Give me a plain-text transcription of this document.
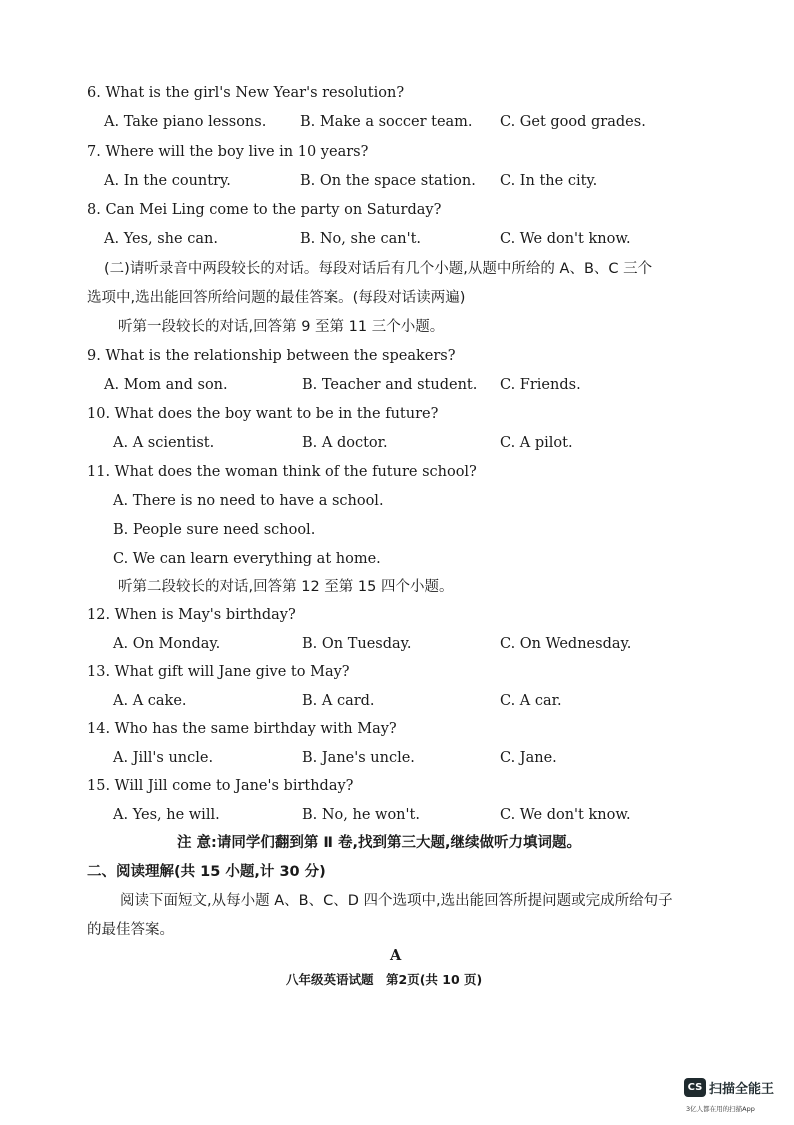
6. What is the girl's New Year's resolution?
A. Take piano lessons. B. Make a soccer team. C. Get good grades.
7. Where will the boy live in 10 years?
A. In the country.	B. On the space station. C. In the city.
8. Can Mei Ling come to the party on Saturday?
A. Yes, she can.	B. No, she can't.	C. We don't know.
(二)请听录音中两段较长的对话。每段对话后有几个小题,从题中所给的 A、B、C 三个
选项中,选出能回答所给问题的最佳答案。(每段对话读两遍)
听第一段较长的对话,回答第 9 至第 11 三个小题。
9. What is the relationship between the speakers?
A. Mom and son.	B. Teacher and student. C. Friends.
10. What does the boy want to be in the future?
A. A scientist.	B. A doctor.	C. A pilot.
11. What does the woman think of the future school?
A. There is no need to have a school.
B. People sure need school.
C. We can learn everything at home.
听第二段较长的对话,回答第 12 至第 15 四个小题。
12. When is May's birthday?
A. On Monday.	B. On Tuesday.	C. On Wednesday.
13. What gift will Jane give to May?
A. A cake.	B. A card.	C. A car.
14. Who has the same birthday with May?
A. Jill's uncle.	B. Jane's uncle.	C. Jane.
15. Will Jill come to Jane's birthday?
A. Yes, he will.	B. No, he won't.	C. We don't know.
注 意:请同学们翻到第 Ⅱ 卷,找到第三大题,继续做听力填词题。
二、阅读理解(共 15 小题,计 30 分)
阅读下面短文,从每小题 A、B、C、D 四个选项中,选出能回答所提问题或完成所给句子
的最佳答案。
A
八年级英语试题　第2页(共 10 页)
CS 扫描全能王
3亿人都在用的扫描App
